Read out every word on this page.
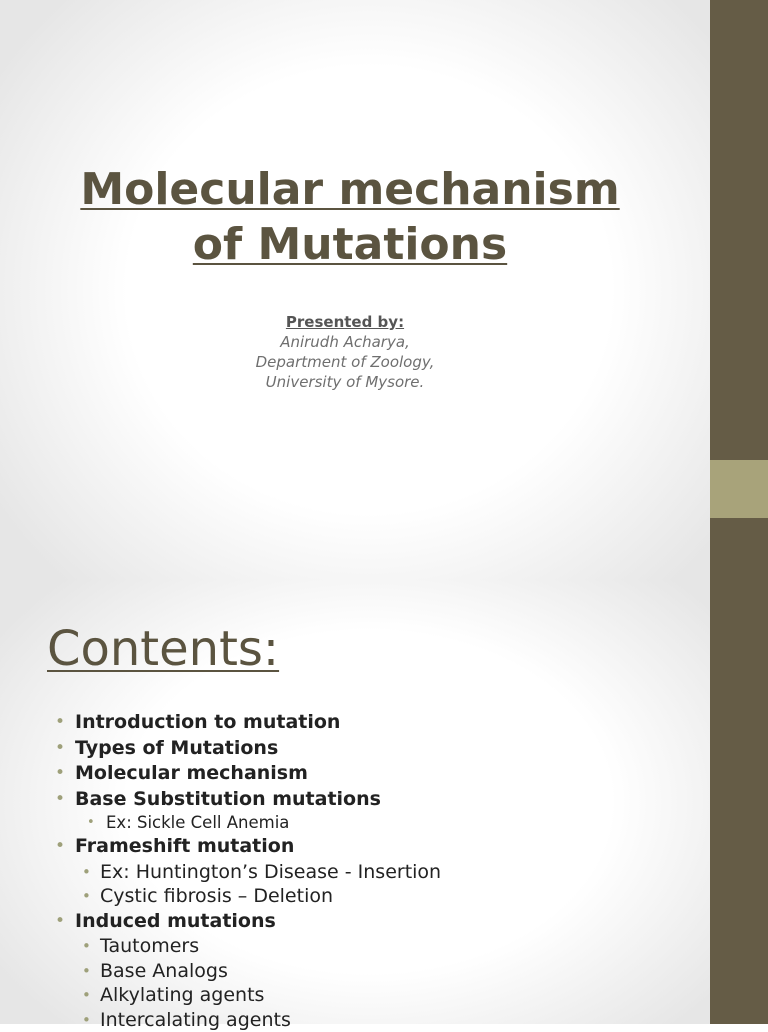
Molecular mechanism
of Mutations
Presented by:
Anirudh Acharya,
Department of Zoology,
University of Mysore.
Contents:
• Introduction to mutation
• Types of Mutations
• Molecular mechanism
• Base Substitution mutations
• Ex: Sickle Cell Anemia
• Frameshift mutation
• Ex: Huntington’s Disease - Insertion
• Cystic fibrosis – Deletion
• Induced mutations
• Tautomers
• Base Analogs
• Alkylating agents
• Intercalating agents
